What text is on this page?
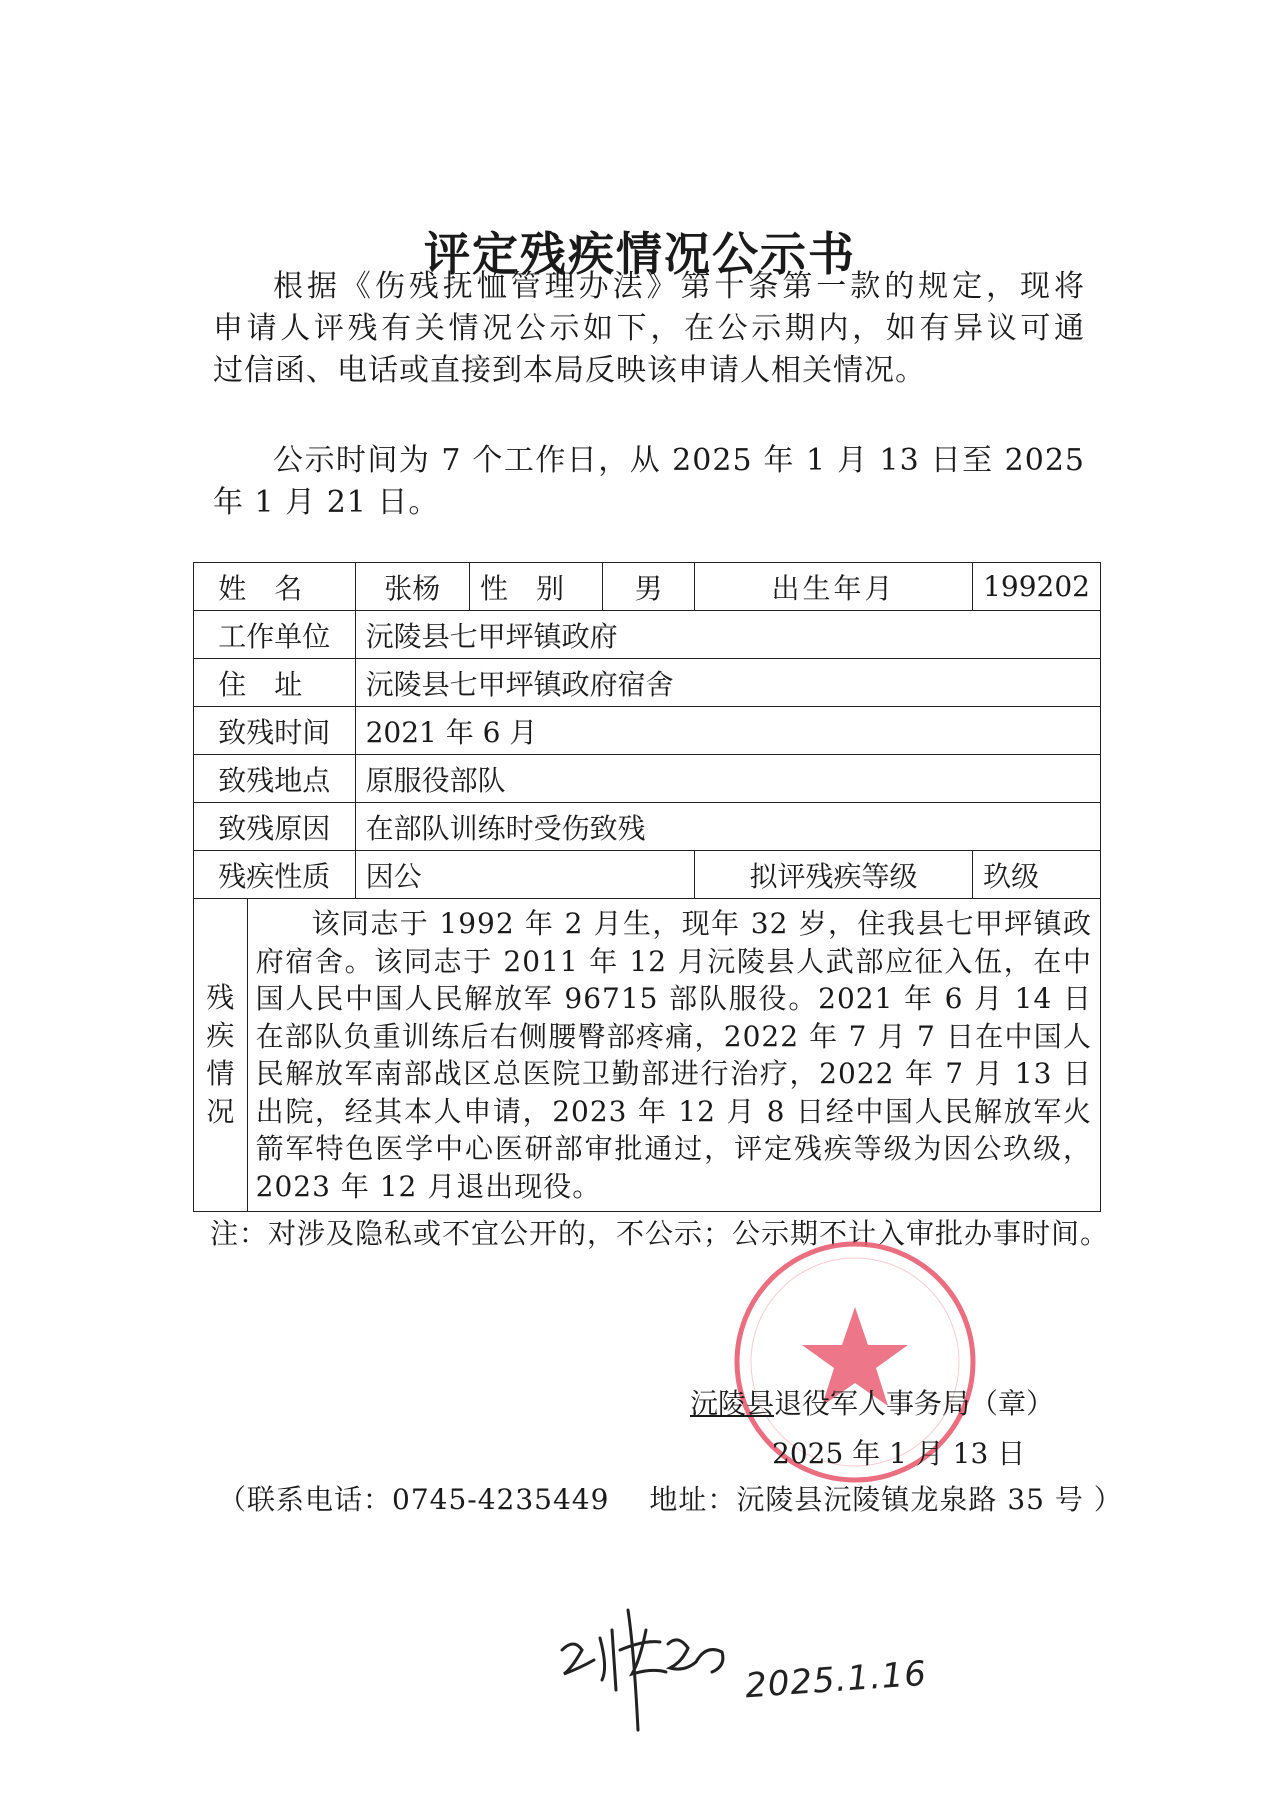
评定残疾情况公示书
根据《伤残抚恤管理办法》第十条第一款的规定，现将
申请人评残有关情况公示如下，在公示期内，如有异议可通
过信函、电话或直接到本局反映该申请人相关情况。
公示时间为 7 个工作日，从 2025 年 1 月 13 日至 2025
年 1 月 21 日。
姓名		张杨	性别	男	出生年月	199202
工作单位		沅陵县七甲坪镇政府				
住址		沅陵县七甲坪镇政府宿舍				
致残时间		2021 年 6 月				
致残地点		原服役部队				
致残原因		在部队训练时受伤致残				
残疾性质		因公			拟评残疾等级	玖级
残疾情况	该同志于 1992 年 2 月生，现年 32 岁，住我县七甲坪镇政府宿舍。该同志于 2011 年 12 月沅陵县人武部应征入伍，在中国人民中国人民解放军 96715 部队服役。2021 年 6 月 14 日在部队负重训练后右侧腰臀部疼痛，2022 年 7 月 7 日在中国人民解放军南部战区总医院卫勤部进行治疗，2022 年 7 月 13 日出院，经其本人申请，2023 年 12 月 8 日经中国人民解放军火箭军特色医学中心医研部审批通过，评定残疾等级为因公玖级，2023 年 12 月退出现役。					
注：对涉及隐私或不宜公开的，不公示；公示期不计入审批办事时间。
沅陵县退役军人事务局（章）
2025 年 1 月 13 日
（联系电话：0745-4235449 地址：沅陵县沅陵镇龙泉路 35 号 ）
2025.1.16
